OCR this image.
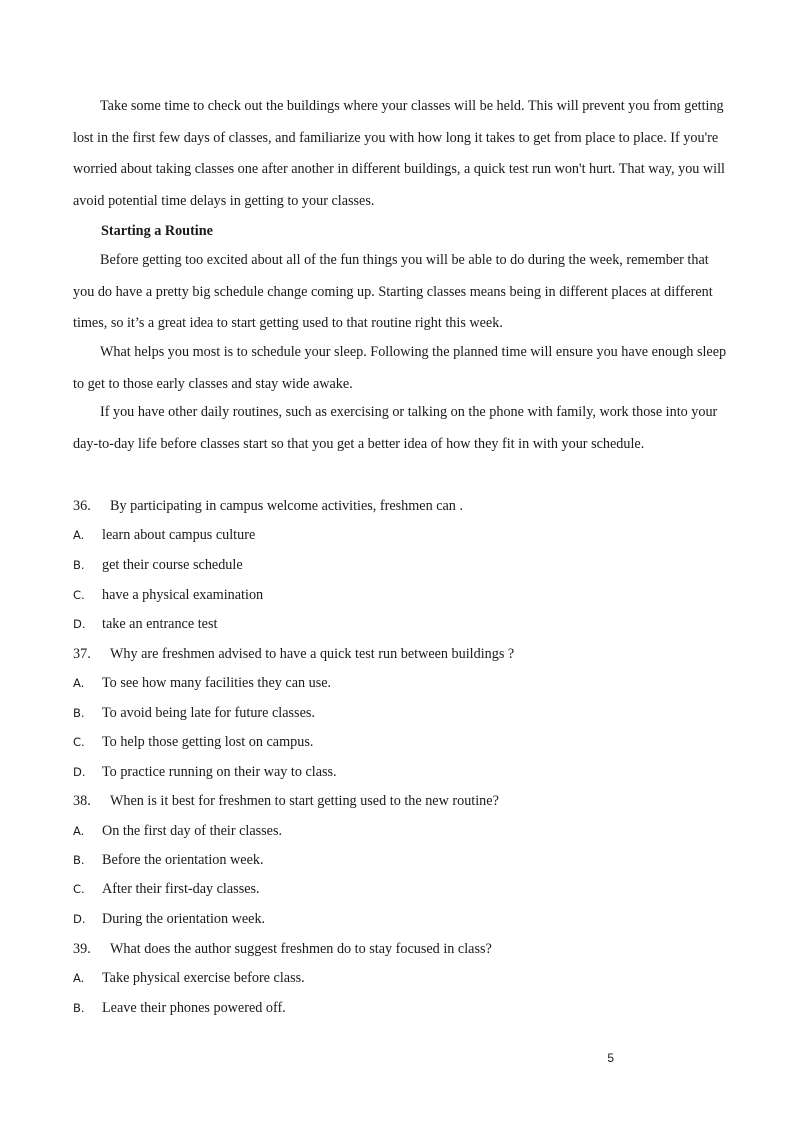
Take some time to check out the buildings where your classes will be held. This will prevent you from getting lost in the first few days of classes, and familiarize you with how long it takes to get from place to place. If you're worried about taking classes one after another in different buildings, a quick test run won't hurt. That way, you will avoid potential time delays in getting to your classes.

Starting a Routine

Before getting too excited about all of the fun things you will be able to do during the week, remember that you do have a pretty big schedule change coming up. Starting classes means being in different places at different times, so it’s a great idea to start getting used to that routine right this week.

What helps you most is to schedule your sleep. Following the planned time will ensure you have enough sleep to get to those early classes and stay wide awake.

If you have other daily routines, such as exercising or talking on the phone with family, work those into your day-to-day life before classes start so that you get a better idea of how they fit in with your schedule.

36. By participating in campus welcome activities, freshmen can .
A. learn about campus culture
B. get their course schedule
C. have a physical examination
D. take an entrance test
37. Why are freshmen advised to have a quick test run between buildings ?
A. To see how many facilities they can use.
B. To avoid being late for future classes.
C. To help those getting lost on campus.
D. To practice running on their way to class.
38. When is it best for freshmen to start getting used to the new routine?
A. On the first day of their classes.
B. Before the orientation week.
C. After their first-day classes.
D. During the orientation week.
39. What does the author suggest freshmen do to stay focused in class?
A. Take physical exercise before class.
B. Leave their phones powered off.
5
